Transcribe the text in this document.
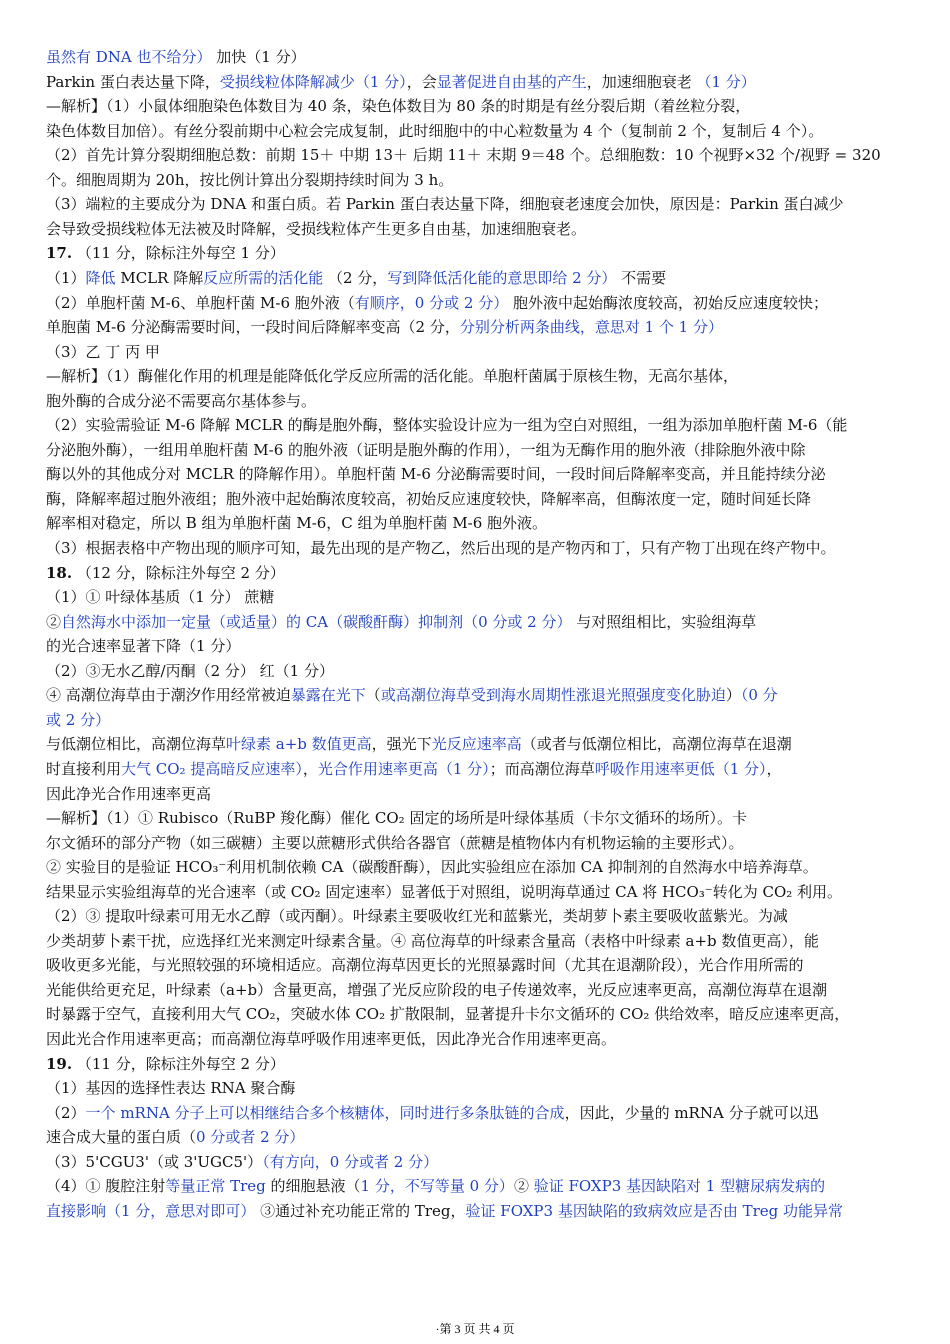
虽然有 DNA 也不给分） 加快（1 分）
Parkin 蛋白表达量下降，受损线粒体降解减少（1 分），会显著促进自由基的产生，加速细胞衰老 （1 分）
—解析】（1）小鼠体细胞染色体数目为 40 条，染色体数目为 80 条的时期是有丝分裂后期（着丝粒分裂，
染色体数目加倍）。有丝分裂前期中心粒会完成复制，此时细胞中的中心粒数量为 4 个（复制前 2 个，复制后 4 个）。
（2）首先计算分裂期细胞总数：前期 15＋ 中期 13＋ 后期 11＋ 末期 9＝48 个。总细胞数：10 个视野×32 个/视野 = 320
个。细胞周期为 20h，按比例计算出分裂期持续时间为 3 h。
（3）端粒的主要成分为 DNA 和蛋白质。若 Parkin 蛋白表达量下降，细胞衰老速度会加快，原因是：Parkin 蛋白减少
会导致受损线粒体无法被及时降解，受损线粒体产生更多自由基，加速细胞衰老。
17. （11 分，除标注外每空 1 分）
（1）降低 MCLR 降解反应所需的活化能 （2 分，写到降低活化能的意思即给 2 分） 不需要
（2）单胞杆菌 M-6、单胞杆菌 M-6 胞外液（有顺序，0 分或 2 分） 胞外液中起始酶浓度较高，初始反应速度较快；
单胞菌 M-6 分泌酶需要时间，一段时间后降解率变高（2 分，分别分析两条曲线，意思对 1 个 1 分）
（3）乙 丁 丙 甲
—解析】（1）酶催化作用的机理是能降低化学反应所需的活化能。单胞杆菌属于原核生物，无高尔基体，
胞外酶的合成分泌不需要高尔基体参与。
（2）实验需验证 M-6 降解 MCLR 的酶是胞外酶，整体实验设计应为一组为空白对照组，一组为添加单胞杆菌 M-6（能
分泌胞外酶），一组用单胞杆菌 M-6 的胞外液（证明是胞外酶的作用），一组为无酶作用的胞外液（排除胞外液中除
酶以外的其他成分对 MCLR 的降解作用）。单胞杆菌 M-6 分泌酶需要时间，一段时间后降解率变高，并且能持续分泌
酶，降解率超过胞外液组；胞外液中起始酶浓度较高，初始反应速度较快，降解率高，但酶浓度一定，随时间延长降
解率相对稳定，所以 B 组为单胞杆菌 M-6，C 组为单胞杆菌 M-6 胞外液。
（3）根据表格中产物出现的顺序可知，最先出现的是产物乙，然后出现的是产物丙和丁，只有产物丁出现在终产物中。
18. （12 分，除标注外每空 2 分）
（1）① 叶绿体基质（1 分） 蔗糖
②自然海水中添加一定量（或适量）的 CA（碳酸酐酶）抑制剂（0 分或 2 分） 与对照组相比，实验组海草
的光合速率显著下降（1 分）
（2）③无水乙醇/丙酮（2 分） 红（1 分）
④ 高潮位海草由于潮汐作用经常被迫暴露在光下（或高潮位海草受到海水周期性涨退光照强度变化胁迫）（0 分
或 2 分）
与低潮位相比，高潮位海草叶绿素 a+b 数值更高，强光下光反应速率高（或者与低潮位相比，高潮位海草在退潮
时直接利用大气 CO₂ 提高暗反应速率），光合作用速率更高（1 分）；而高潮位海草呼吸作用速率更低（1 分），
因此净光合作用速率更高
—解析】（1）① Rubisco（RuBP 羧化酶）催化 CO₂ 固定的场所是叶绿体基质（卡尔文循环的场所）。卡
尔文循环的部分产物（如三碳糖）主要以蔗糖形式供给各器官（蔗糖是植物体内有机物运输的主要形式）。
② 实验目的是验证 HCO₃⁻利用机制依赖 CA（碳酸酐酶），因此实验组应在添加 CA 抑制剂的自然海水中培养海草。
结果显示实验组海草的光合速率（或 CO₂ 固定速率）显著低于对照组，说明海草通过 CA 将 HCO₃⁻转化为 CO₂ 利用。
（2）③ 提取叶绿素可用无水乙醇（或丙酮）。叶绿素主要吸收红光和蓝紫光，类胡萝卜素主要吸收蓝紫光。为减
少类胡萝卜素干扰，应选择红光来测定叶绿素含量。④ 高位海草的叶绿素含量高（表格中叶绿素 a+b 数值更高），能
吸收更多光能，与光照较强的环境相适应。高潮位海草因更长的光照暴露时间（尤其在退潮阶段），光合作用所需的
光能供给更充足，叶绿素（a+b）含量更高，增强了光反应阶段的电子传递效率，光反应速率更高，高潮位海草在退潮
时暴露于空气，直接利用大气 CO₂，突破水体 CO₂ 扩散限制，显著提升卡尔文循环的 CO₂ 供给效率，暗反应速率更高，
因此光合作用速率更高；而高潮位海草呼吸作用速率更低，因此净光合作用速率更高。
19. （11 分，除标注外每空 2 分）
（1）基因的选择性表达 RNA 聚合酶
（2）一个 mRNA 分子上可以相继结合多个核糖体，同时进行多条肽链的合成，因此，少量的 mRNA 分子就可以迅
速合成大量的蛋白质（0 分或者 2 分）
（3）5'CGU3'（或 3'UGC5'）（有方向，0 分或者 2 分）
（4）① 腹腔注射等量正常 Treg 的细胞悬液（1 分，不写等量 0 分）② 验证 FOXP3 基因缺陷对 1 型糖尿病发病的
直接影响（1 分，意思对即可） ③通过补充功能正常的 Treg，验证 FOXP3 基因缺陷的致病效应是否由 Treg 功能异常
·第 3 页 共 4 页
